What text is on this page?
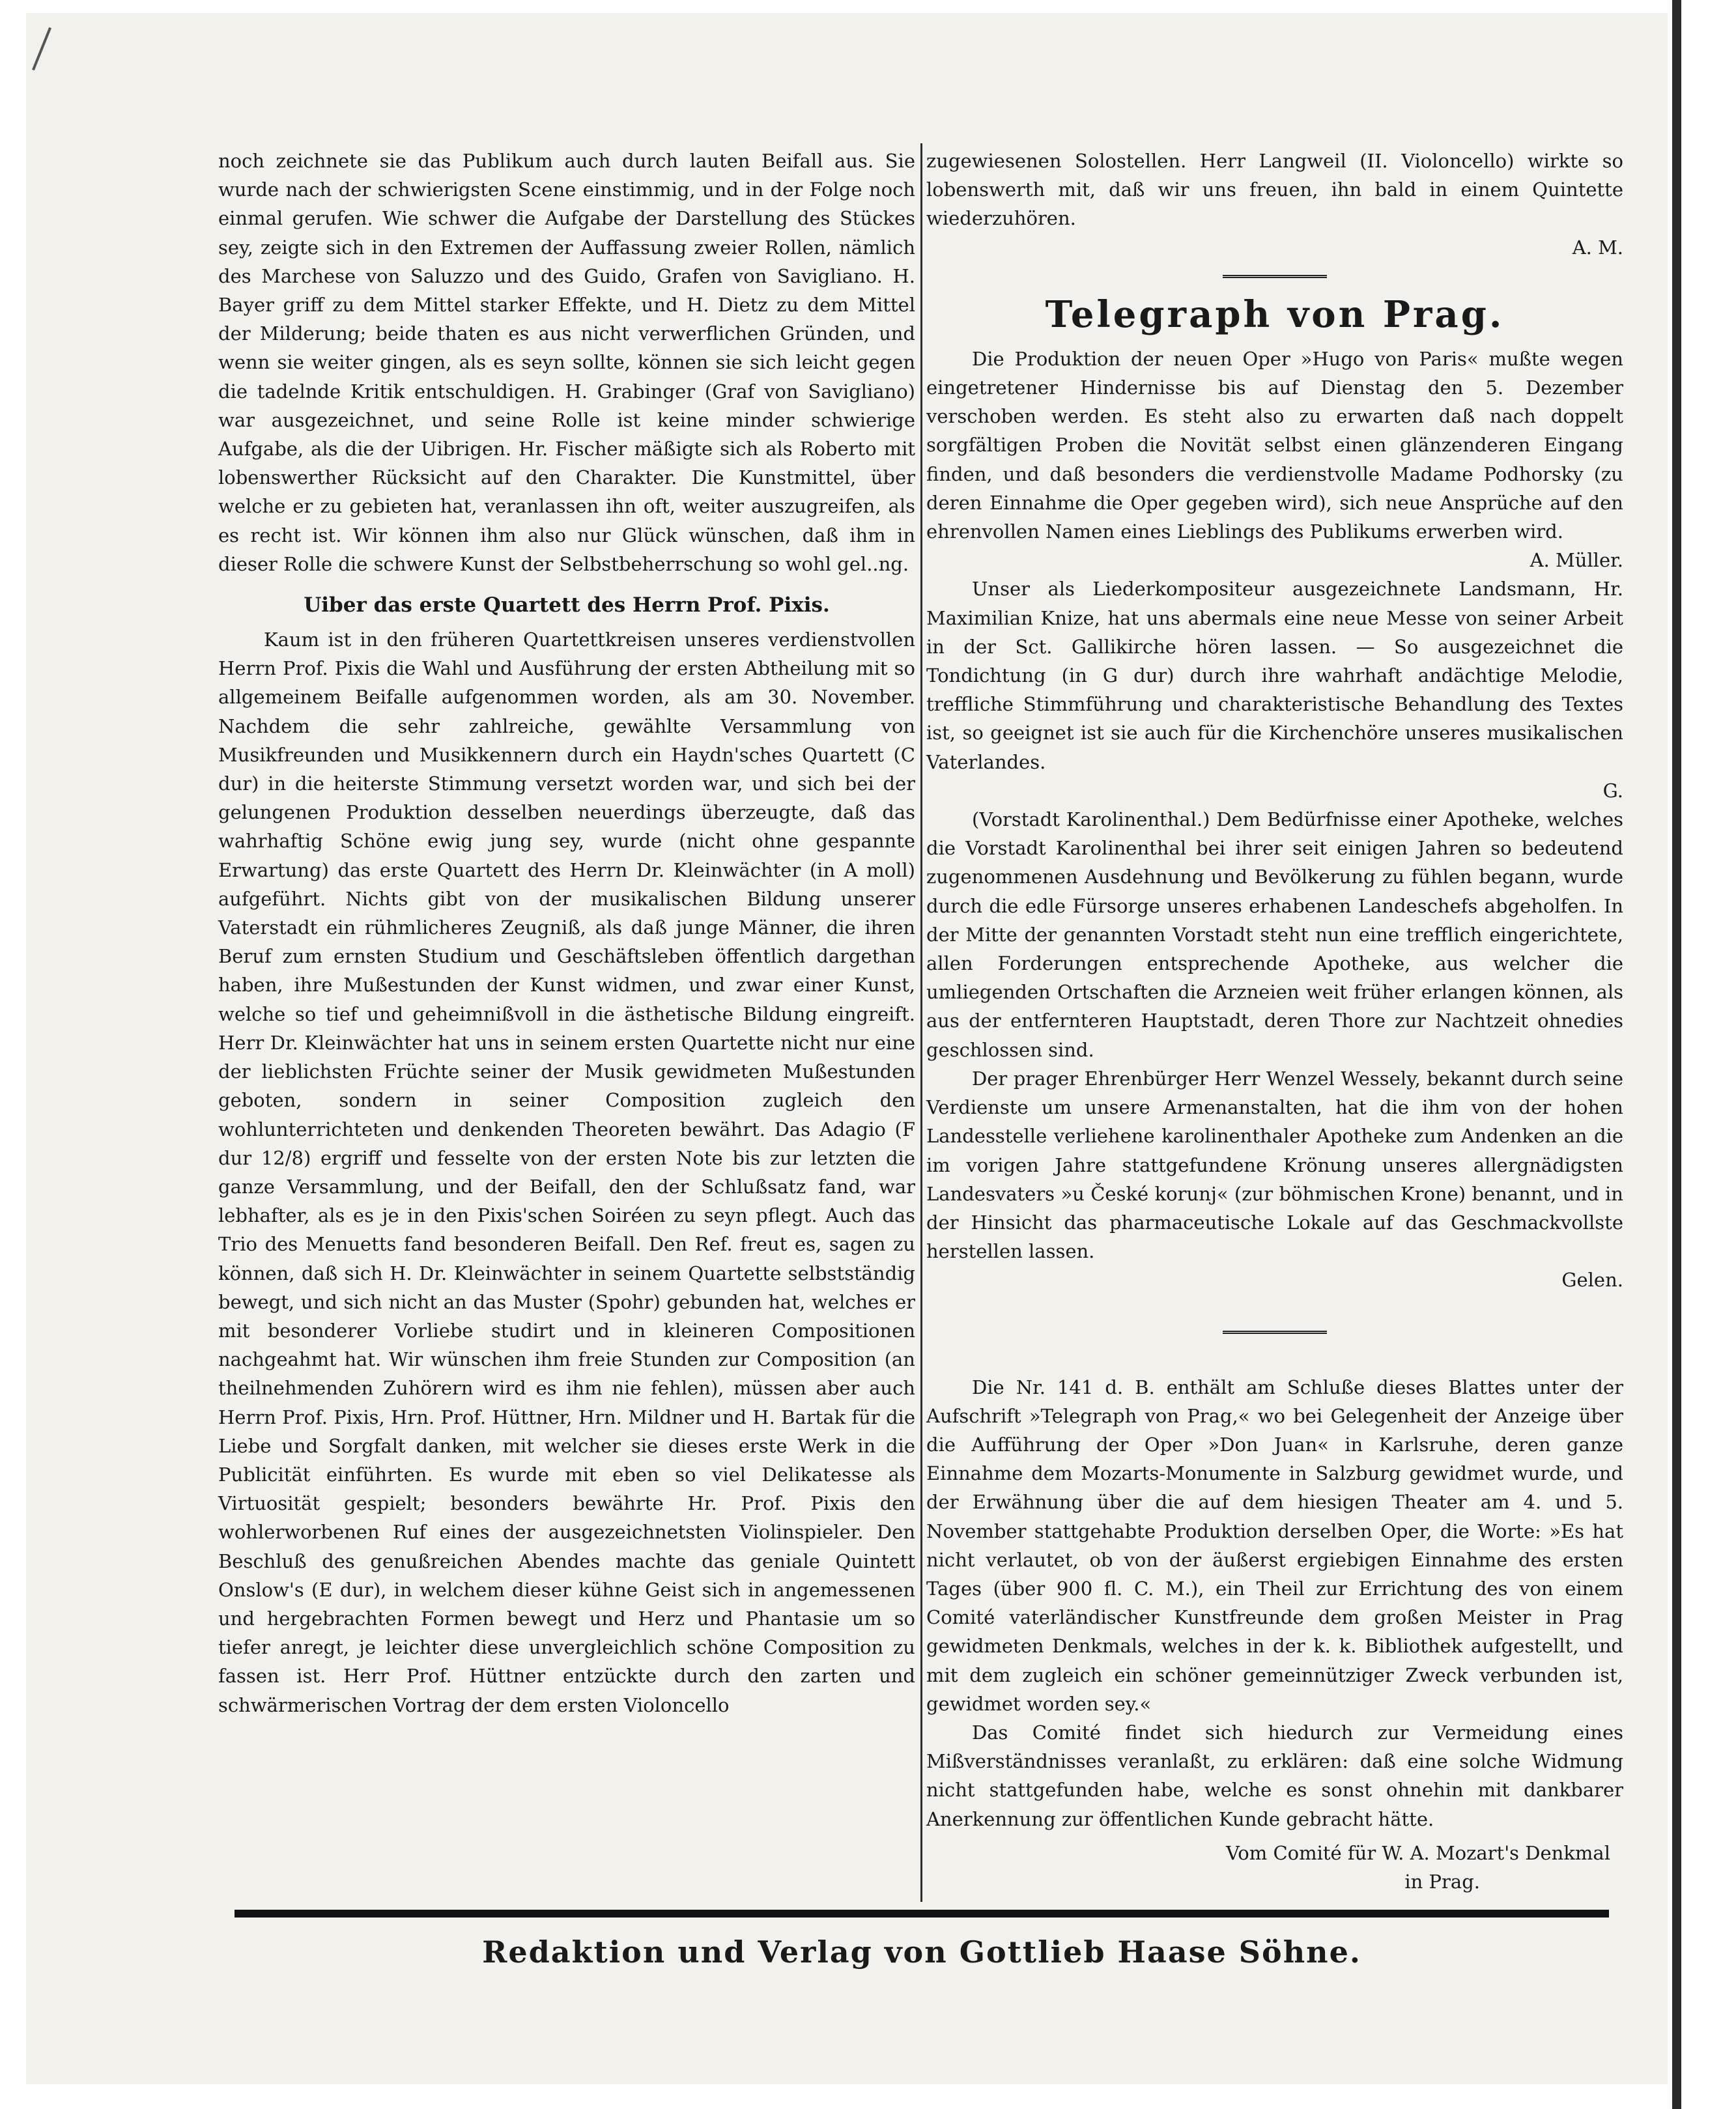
noch zeichnete sie das Publikum auch durch lauten Beifall aus. Sie wurde nach der schwierigsten Scene einstimmig, und in der Folge noch einmal gerufen. Wie schwer die Aufgabe der Darstellung des Stückes sey, zeigte sich in den Extremen der Auffassung zweier Rollen, nämlich des Marchese von Saluzzo und des Guido, Grafen von Savigliano. H. Bayer griff zu dem Mittel starker Effekte, und H. Dietz zu dem Mittel der Milderung; beide thaten es aus nicht verwerflichen Gründen, und wenn sie weiter gingen, als es seyn sollte, können sie sich leicht gegen die tadelnde Kritik entschuldigen. H. Grabinger (Graf von Savigliano) war ausgezeichnet, und seine Rolle ist keine minder schwierige Aufgabe, als die der Uibrigen. Hr. Fischer mäßigte sich als Roberto mit lobenswerther Rücksicht auf den Charakter. Die Kunstmittel, über welche er zu gebieten hat, veranlassen ihn oft, weiter auszugreifen, als es recht ist. Wir können ihm also nur Glück wünschen, daß ihm in dieser Rolle die schwere Kunst der Selbstbeherrschung so wohl gel..ng.

Uiber das erste Quartett des Herrn Prof. Pixis.

Kaum ist in den früheren Quartettkreisen unseres verdienstvollen Herrn Prof. Pixis die Wahl und Ausführung der ersten Abtheilung mit so allgemeinem Beifalle aufgenommen worden, als am 30. November. Nachdem die sehr zahlreiche, gewählte Versammlung von Musikfreunden und Musikkennern durch ein Haydn'sches Quartett (C dur) in die heiterste Stimmung versetzt worden war, und sich bei der gelungenen Produktion desselben neuerdings überzeugte, daß das wahrhaftig Schöne ewig jung sey, wurde (nicht ohne gespannte Erwartung) das erste Quartett des Herrn Dr. Kleinwächter (in A moll) aufgeführt. Nichts gibt von der musikalischen Bildung unserer Vaterstadt ein rühmlicheres Zeugniß, als daß junge Männer, die ihren Beruf zum ernsten Studium und Geschäftsleben öffentlich dargethan haben, ihre Mußestunden der Kunst widmen, und zwar einer Kunst, welche so tief und geheimnißvoll in die ästhetische Bildung eingreift. Herr Dr. Kleinwächter hat uns in seinem ersten Quartette nicht nur eine der lieblichsten Früchte seiner der Musik gewidmeten Mußestunden geboten, sondern in seiner Composition zugleich den wohlunterrichteten und denkenden Theoreten bewährt. Das Adagio (F dur 12/8) ergriff und fesselte von der ersten Note bis zur letzten die ganze Versammlung, und der Beifall, den der Schlußsatz fand, war lebhafter, als es je in den Pixis'schen Soiréen zu seyn pflegt. Auch das Trio des Menuetts fand besonderen Beifall. Den Ref. freut es, sagen zu können, daß sich H. Dr. Kleinwächter in seinem Quartette selbstständig bewegt, und sich nicht an das Muster (Spohr) gebunden hat, welches er mit besonderer Vorliebe studirt und in kleineren Compositionen nachgeahmt hat. Wir wünschen ihm freie Stunden zur Composition (an theilnehmenden Zuhörern wird es ihm nie fehlen), müssen aber auch Herrn Prof. Pixis, Hrn. Prof. Hüttner, Hrn. Mildner und H. Bartak für die Liebe und Sorgfalt danken, mit welcher sie dieses erste Werk in die Publicität einführten. Es wurde mit eben so viel Delikatesse als Virtuosität gespielt; besonders bewährte Hr. Prof. Pixis den wohlerworbenen Ruf eines der ausgezeichnetsten Violinspieler. Den Beschluß des genußreichen Abendes machte das geniale Quintett Onslow's (E dur), in welchem dieser kühne Geist sich in angemessenen und hergebrachten Formen bewegt und Herz und Phantasie um so tiefer anregt, je leichter diese unvergleichlich schöne Composition zu fassen ist. Herr Prof. Hüttner entzückte durch den zarten und schwärmerischen Vortrag der dem ersten Violoncello

zugewiesenen Solostellen. Herr Langweil (II. Violoncello) wirkte so lobenswerth mit, daß wir uns freuen, ihn bald in einem Quintette wiederzuhören.

A. M.

Telegraph von Prag.

Die Produktion der neuen Oper »Hugo von Paris« mußte wegen eingetretener Hindernisse bis auf Dienstag den 5. Dezember verschoben werden. Es steht also zu erwarten daß nach doppelt sorgfältigen Proben die Novität selbst einen glänzenderen Eingang finden, und daß besonders die verdienstvolle Madame Podhorsky (zu deren Einnahme die Oper gegeben wird), sich neue Ansprüche auf den ehrenvollen Namen eines Lieblings des Publikums erwerben wird.

A. Müller.

Unser als Liederkompositeur ausgezeichnete Landsmann, Hr. Maximilian Knize, hat uns abermals eine neue Messe von seiner Arbeit in der Sct. Gallikirche hören lassen. — So ausgezeichnet die Tondichtung (in G dur) durch ihre wahrhaft andächtige Melodie, treffliche Stimmführung und charakteristische Behandlung des Textes ist, so geeignet ist sie auch für die Kirchenchöre unseres musikalischen Vaterlandes.

G.

(Vorstadt Karolinenthal.) Dem Bedürfnisse einer Apotheke, welches die Vorstadt Karolinenthal bei ihrer seit einigen Jahren so bedeutend zugenommenen Ausdehnung und Bevölkerung zu fühlen begann, wurde durch die edle Fürsorge unseres erhabenen Landeschefs abgeholfen. In der Mitte der genannten Vorstadt steht nun eine trefflich eingerichtete, allen Forderungen entsprechende Apotheke, aus welcher die umliegenden Ortschaften die Arzneien weit früher erlangen können, als aus der entfernteren Hauptstadt, deren Thore zur Nachtzeit ohnedies geschlossen sind.

Der prager Ehrenbürger Herr Wenzel Wessely, bekannt durch seine Verdienste um unsere Armenanstalten, hat die ihm von der hohen Landesstelle verliehene karolinenthaler Apotheke zum Andenken an die im vorigen Jahre stattgefundene Krönung unseres allergnädigsten Landesvaters »u České korunj« (zur böhmischen Krone) benannt, und in der Hinsicht das pharmaceutische Lokale auf das Geschmackvollste herstellen lassen.

Gelen.

Die Nr. 141 d. B. enthält am Schluße dieses Blattes unter der Aufschrift »Telegraph von Prag,« wo bei Gelegenheit der Anzeige über die Aufführung der Oper »Don Juan« in Karlsruhe, deren ganze Einnahme dem Mozarts-Monumente in Salzburg gewidmet wurde, und der Erwähnung über die auf dem hiesigen Theater am 4. und 5. November stattgehabte Produktion derselben Oper, die Worte: »Es hat nicht verlautet, ob von der äußerst ergiebigen Einnahme des ersten Tages (über 900 fl. C. M.), ein Theil zur Errichtung des von einem Comité vaterländischer Kunstfreunde dem großen Meister in Prag gewidmeten Denkmals, welches in der k. k. Bibliothek aufgestellt, und mit dem zugleich ein schöner gemeinnütziger Zweck verbunden ist, gewidmet worden sey.«

Das Comité findet sich hiedurch zur Vermeidung eines Mißverständnisses veranlaßt, zu erklären: daß eine solche Widmung nicht stattgefunden habe, welche es sonst ohnehin mit dankbarer Anerkennung zur öffentlichen Kunde gebracht hätte.

Vom Comité für W. A. Mozart's Denkmal
in Prag.
Redaktion und Verlag von Gottlieb Haase Söhne.
